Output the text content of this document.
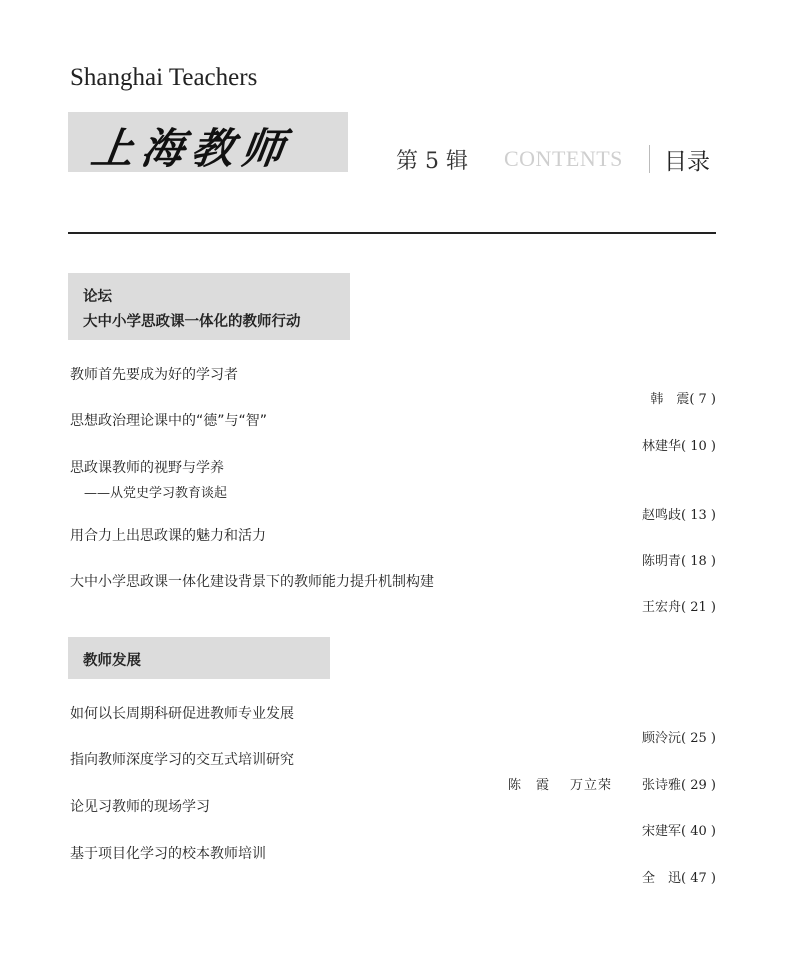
Shanghai Teachers
上海教师	第 5 辑 CONTENTS 目录
论坛
大中小学思政课一体化的教师行动
教师首先要成为好的学习者
韩　震( 7 )
思想政治理论课中的“德”与“智”
林建华( 10 )
思政课教师的视野与学养
——从党史学习教育谈起
赵鸣歧( 13 )
用合力上出思政课的魅力和活力
陈明青( 18 )
大中小学思政课一体化建设背景下的教师能力提升机制构建
王宏舟( 21 )
教师发展
如何以长周期科研促进教师专业发展
顾泠沅( 25 )
指向教师深度学习的交互式培训研究
陈　霞 万立荣 张诗雅( 29 )
论见习教师的现场学习
宋建军( 40 )
基于项目化学习的校本教师培训
全　迅( 47 )
